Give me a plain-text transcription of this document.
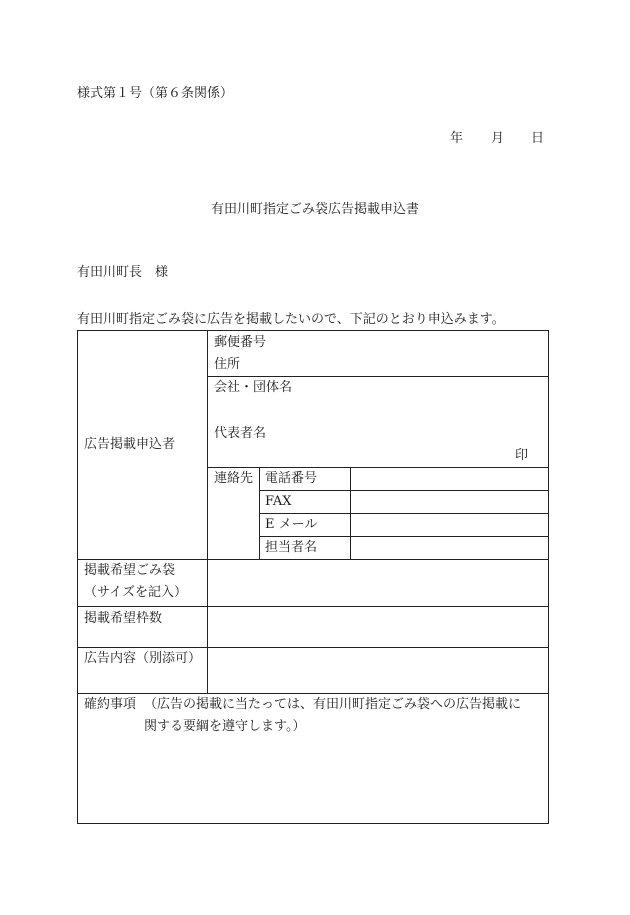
様式第１号（第６条関係）
年 月 日
有田川町指定ごみ袋広告掲載申込書
有田川町長　様
有田川町指定ごみ袋に広告を掲載したいので、下記のとおり申込みます。
広告掲載申込者
郵便番号
住所
会社・団体名
代表者名
印
連絡先 電話番号
FAX
E メール
担当者名
掲載希望ごみ袋
（サイズを記入）
掲載希望枠数
広告内容（別添可）
確約事項 （広告の掲載に当たっては、有田川町指定ごみ袋への広告掲載に
関する要綱を遵守します。）
